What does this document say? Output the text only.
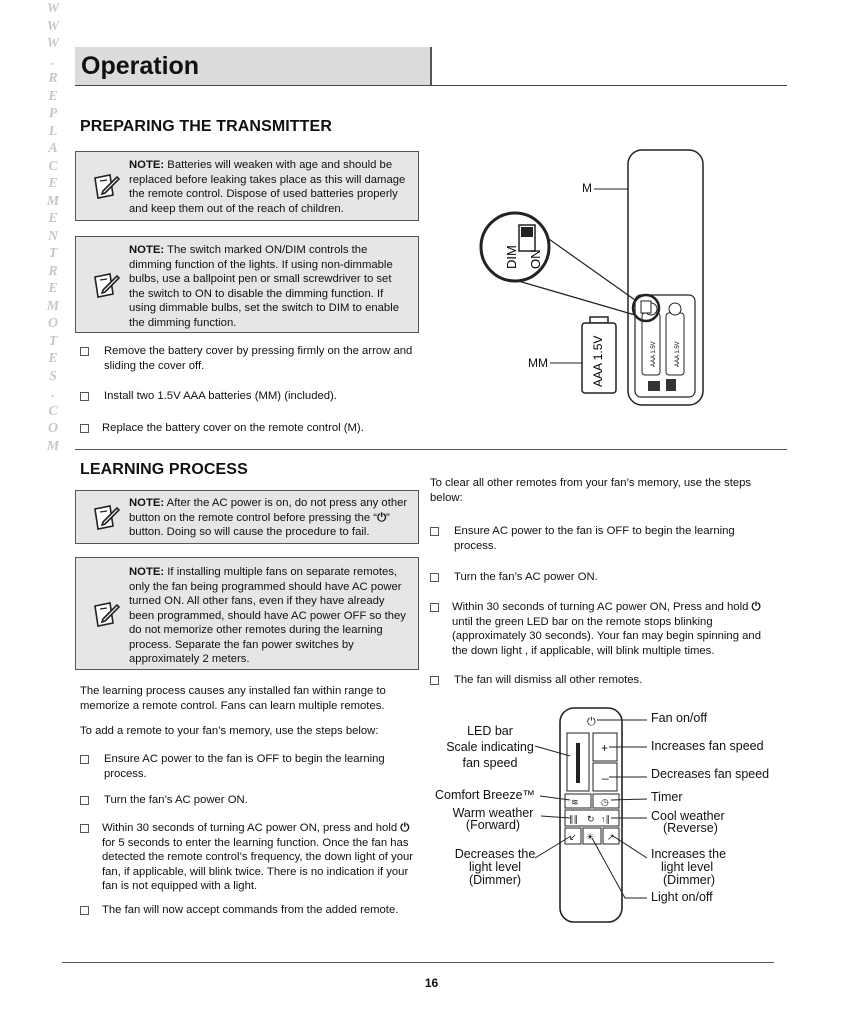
W
W
W
.
R
E
P
L
A
C
E
M
E
N
T
R
E
M
O
T
E
S
.
C
O
M
Operation
PREPARING THE TRANSMITTER
NOTE: Batteries will weaken with age and should be replaced before leaking takes place as this will damage the remote control. Dispose of used batteries properly and keep them out of the reach of children.
NOTE: The switch marked ON/DIM controls the dimming function of the lights. If using non-dimmable bulbs, use a ballpoint pen or small screwdriver to set the switch to ON to disable the dimming function. If using dimmable bulbs, set the switch to DIM to enable the dimming function.
Remove the battery cover by pressing firmly on the arrow and sliding the cover off.
Install two 1.5V AAA batteries (MM) (included).
Replace the battery cover on the remote control (M).
AAA 1.5V	AAA 1.5V
DIM ON
M
MM	AAA 1.5V
LEARNING PROCESS
NOTE: After the AC power is on, do not press any other button on the remote control before pressing the “⏻” button. Doing so will cause the procedure to fail.
NOTE: If installing multiple fans on separate remotes, only the fan being programmed should have AC power turned ON. All other fans, even if they have already been programmed, should have AC power OFF so they do not memorize other remotes during the learning process. Separate the fan power switches by approximately 2 meters.
The learning process causes any installed fan within range to memorize a remote control. Fans can learn multiple remotes.
To add a remote to your fan’s memory, use the steps below:
Ensure AC power to the fan is OFF to begin the learning process.
Turn the fan’s AC power ON.
Within 30 seconds of turning AC power ON, press and hold ⏻ for 5 seconds to enter the learning function. Once the fan has detected the remote control’s frequency, the down light of your fan, if applicable, will blink twice. There is no indication if your fan is not equipped with a light.
The fan will now accept commands from the added remote.
To clear all other remotes from your fan’s memory, use the steps below:
Ensure AC power to the fan is OFF to begin the learning process.
Turn the fan’s AC power ON.
Within 30 seconds of turning AC power ON, Press and hold ⏻ until the green LED bar on the remote stops blinking (approximately 30 seconds). Your fan may begin spinning and the down light , if applicable, will blink multiple times.
The fan will dismiss all other remotes.
⏻
+
–
≋ ◷
∥∥ ↻ ↑∥
↙ ☀ ↗
LED bar
Scale indicating
fan speed
Comfort Breeze™
Warm weather
(Forward)
Decreases the
light level
(Dimmer)
Fan on/off
Increases fan speed
Decreases fan speed
Timer
Cool weather
(Reverse)
Increases the
light level
(Dimmer)
Light on/off
16
